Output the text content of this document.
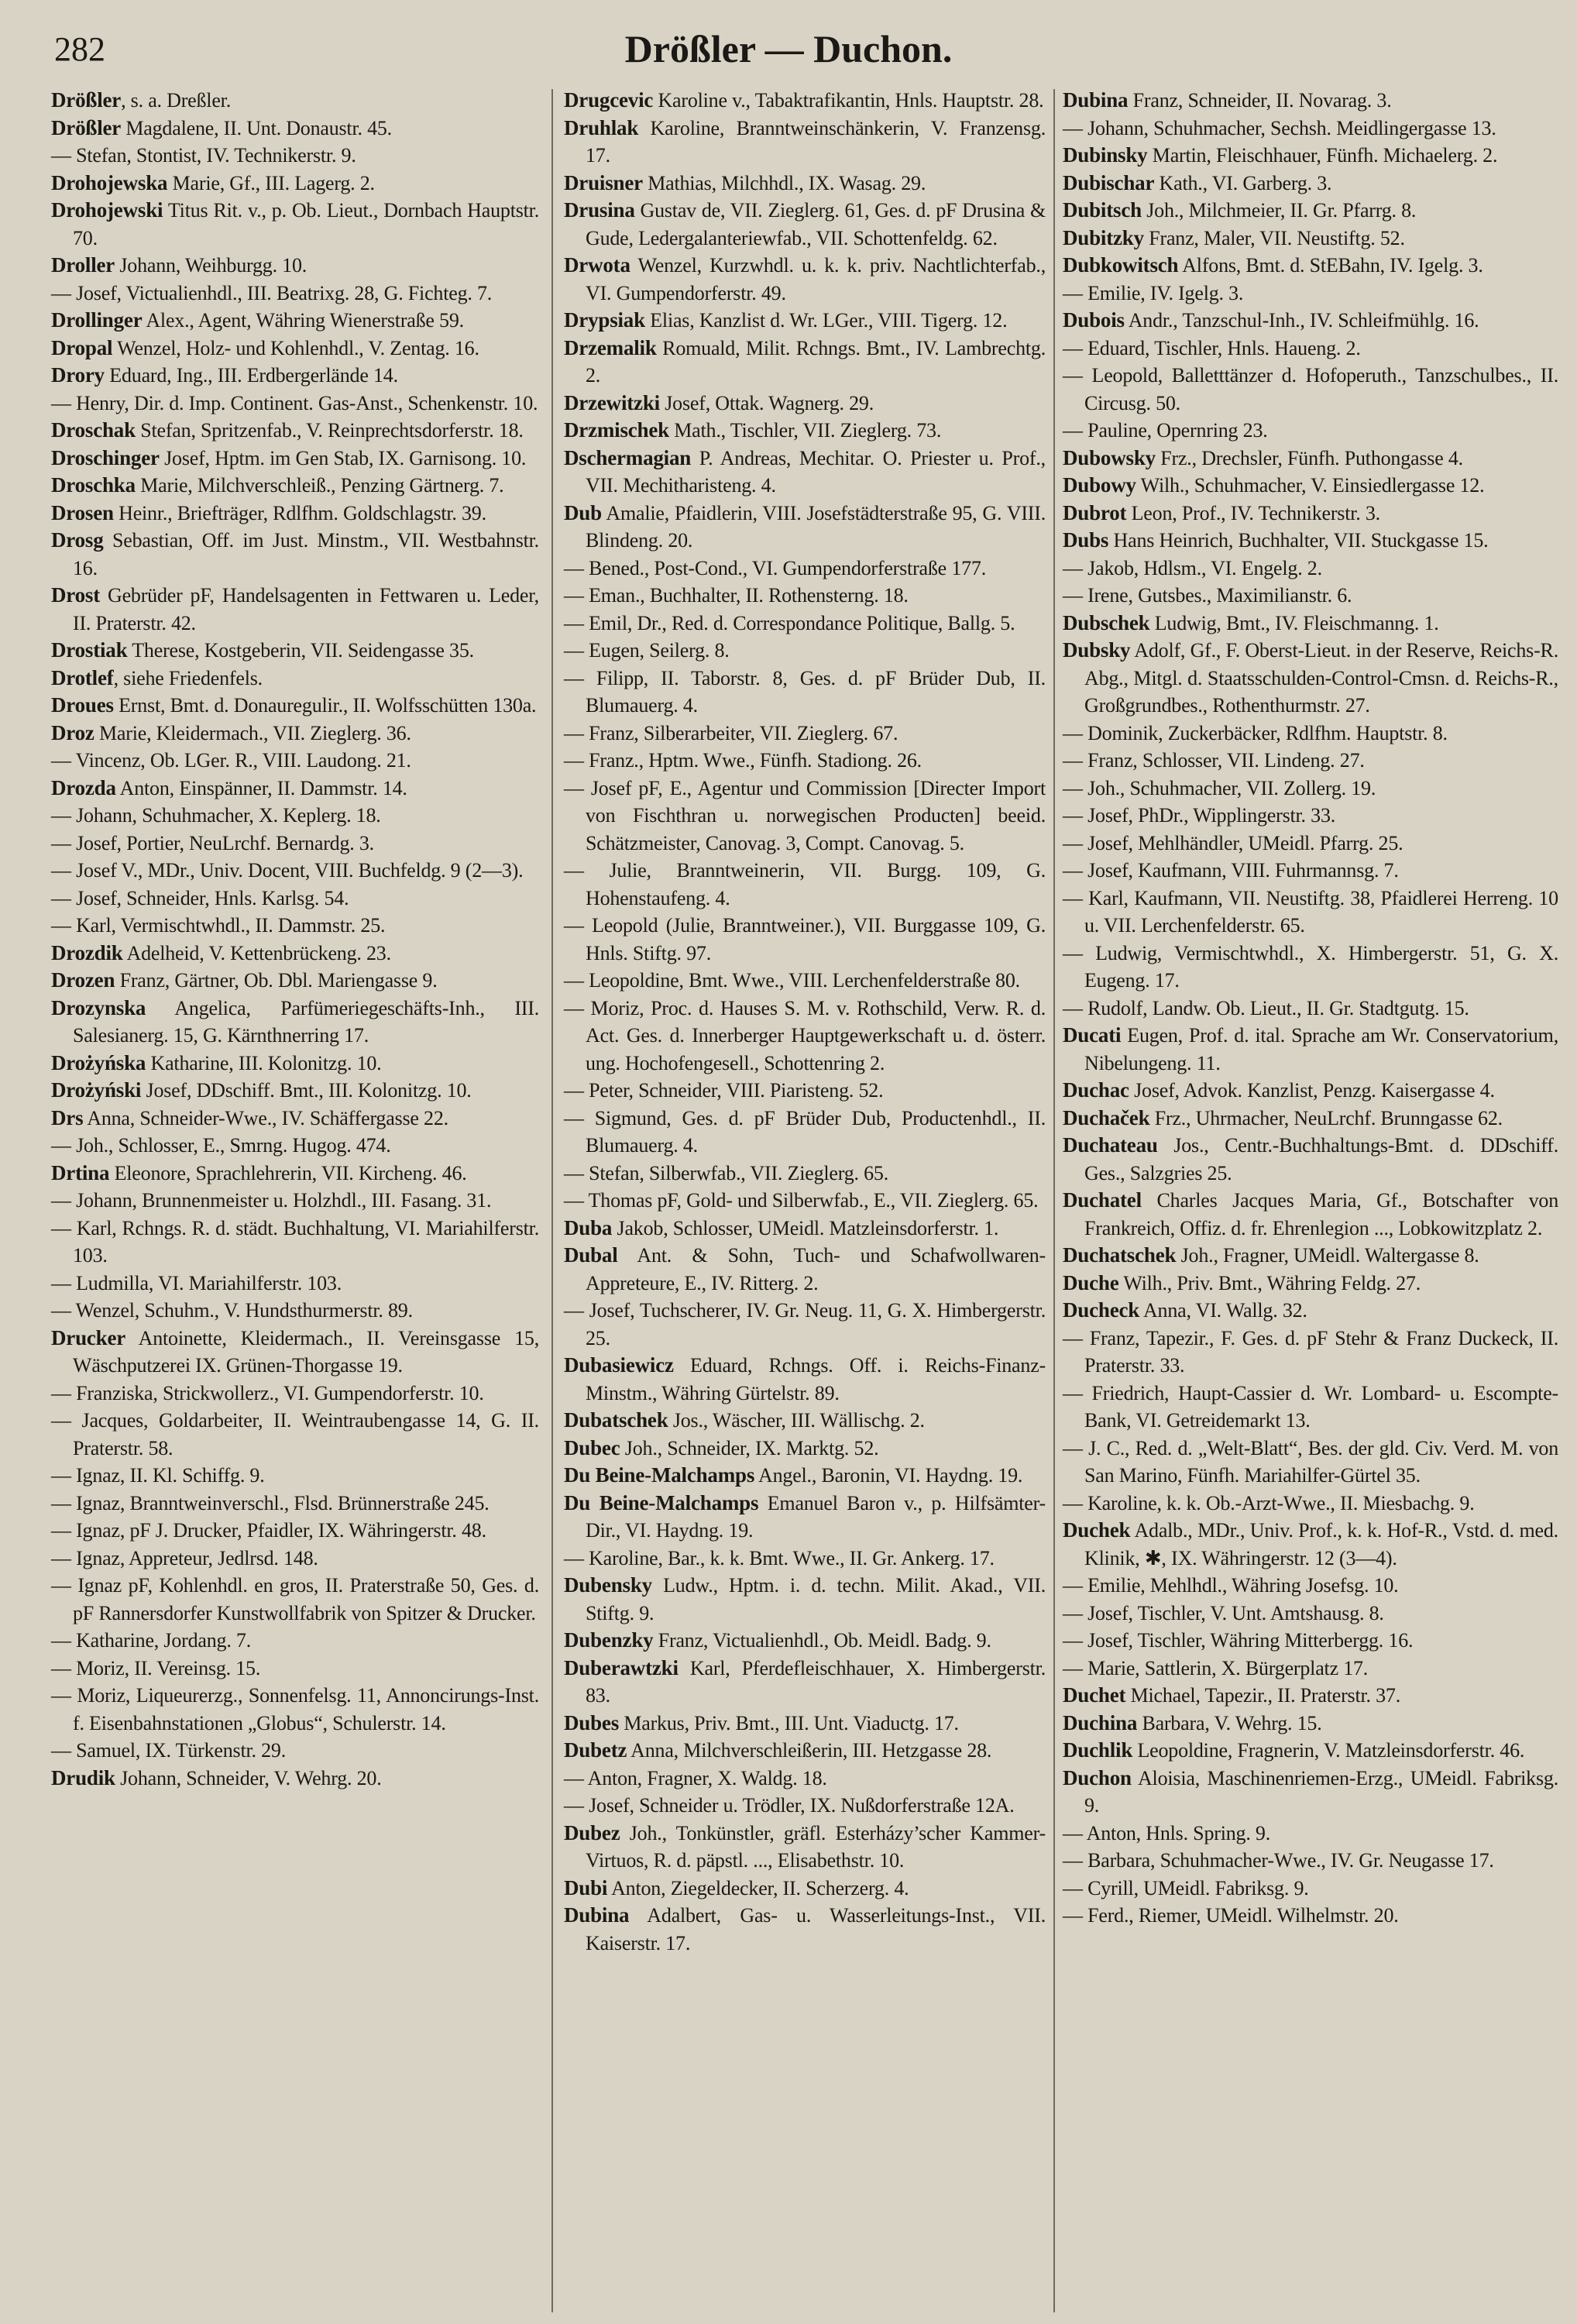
282	Drößler — Duchon.

Drößler, s. a. Dreßler.

Drößler Magdalene, II. Unt. Donaustr. 45.

— Stefan, Stontist, IV. Technikerstr. 9.

Drohojewska Marie, Gf., III. Lagerg. 2.

Drohojewski Titus Rit. v., p. Ob. Lieut., Dornbach Hauptstr. 70.

Droller Johann, Weihburgg. 10.

— Josef, Victualienhdl., III. Beatrixg. 28, G. Fichteg. 7.

Drollinger Alex., Agent, Währing Wienerstraße 59.

Dropal Wenzel, Holz- und Kohlenhdl., V. Zentag. 16.

Drory Eduard, Ing., III. Erdbergerlände 14.

— Henry, Dir. d. Imp. Continent. Gas-Anst., Schenkenstr. 10.

Droschak Stefan, Spritzenfab., V. Reinprechtsdorferstr. 18.

Droschinger Josef, Hptm. im Gen Stab, IX. Garnisong. 10.

Droschka Marie, Milchverschleiß., Penzing Gärtnerg. 7.

Drosen Heinr., Briefträger, Rdlfhm. Goldschlagstr. 39.

Drosg Sebastian, Off. im Just. Minstm., VII. Westbahnstr. 16.

Drost Gebrüder pF, Handelsagenten in Fettwaren u. Leder, II. Praterstr. 42.

Drostiak Therese, Kostgeberin, VII. Seidengasse 35.

Drotlef, siehe Friedenfels.

Droues Ernst, Bmt. d. Donauregulir., II. Wolfsschütten 130a.

Droz Marie, Kleidermach., VII. Zieglerg. 36.

— Vincenz, Ob. LGer. R., VIII. Laudong. 21.

Drozda Anton, Einspänner, II. Dammstr. 14.

— Johann, Schuhmacher, X. Keplerg. 18.

— Josef, Portier, NeuLrchf. Bernardg. 3.

— Josef V., MDr., Univ. Docent, VIII. Buchfeldg. 9 (2—3).

— Josef, Schneider, Hnls. Karlsg. 54.

— Karl, Vermischtwhdl., II. Dammstr. 25.

Drozdik Adelheid, V. Kettenbrückeng. 23.

Drozen Franz, Gärtner, Ob. Dbl. Mariengasse 9.

Drozynska Angelica, Parfümeriegeschäfts-Inh., III. Salesianerg. 15, G. Kärnthnerring 17.

Drożyńska Katharine, III. Kolonitzg. 10.

Drożyński Josef, DDschiff. Bmt., III. Kolonitzg. 10.

Drs Anna, Schneider-Wwe., IV. Schäffergasse 22.

— Joh., Schlosser, E., Smrng. Hugog. 474.

Drtina Eleonore, Sprachlehrerin, VII. Kircheng. 46.

— Johann, Brunnenmeister u. Holzhdl., III. Fasang. 31.

— Karl, Rchngs. R. d. städt. Buchhaltung, VI. Mariahilferstr. 103.

— Ludmilla, VI. Mariahilferstr. 103.

— Wenzel, Schuhm., V. Hundsthurmerstr. 89.

Drucker Antoinette, Kleidermach., II. Vereinsgasse 15, Wäschputzerei IX. Grünen-Thorgasse 19.

— Franziska, Strickwollerz., VI. Gumpendorferstr. 10.

— Jacques, Goldarbeiter, II. Weintraubengasse 14, G. II. Praterstr. 58.

— Ignaz, II. Kl. Schiffg. 9.

— Ignaz, Branntweinverschl., Flsd. Brünnerstraße 245.

— Ignaz, pF J. Drucker, Pfaidler, IX. Währingerstr. 48.

— Ignaz, Appreteur, Jedlrsd. 148.

— Ignaz pF, Kohlenhdl. en gros, II. Praterstraße 50, Ges. d. pF Rannersdorfer Kunstwollfabrik von Spitzer & Drucker.

— Katharine, Jordang. 7.

— Moriz, II. Vereinsg. 15.

— Moriz, Liqueurerzg., Sonnenfelsg. 11, Annoncirungs-Inst. f. Eisenbahnstationen „Globus“, Schulerstr. 14.

— Samuel, IX. Türkenstr. 29.

Drudik Johann, Schneider, V. Wehrg. 20.

Drugcevic Karoline v., Tabaktrafikantin, Hnls. Hauptstr. 28.

Druhlak Karoline, Branntweinschänkerin, V. Franzensg. 17.

Druisner Mathias, Milchhdl., IX. Wasag. 29.

Drusina Gustav de, VII. Zieglerg. 61, Ges. d. pF Drusina & Gude, Ledergalanteriewfab., VII. Schottenfeldg. 62.

Drwota Wenzel, Kurzwhdl. u. k. k. priv. Nachtlichterfab., VI. Gumpendorferstr. 49.

Drypsiak Elias, Kanzlist d. Wr. LGer., VIII. Tigerg. 12.

Drzemalik Romuald, Milit. Rchngs. Bmt., IV. Lambrechtg. 2.

Drzewitzki Josef, Ottak. Wagnerg. 29.

Drzmischek Math., Tischler, VII. Zieglerg. 73.

Dschermagian P. Andreas, Mechitar. O. Priester u. Prof., VII. Mechitharisteng. 4.

Dub Amalie, Pfaidlerin, VIII. Josefstädterstraße 95, G. VIII. Blindeng. 20.

— Bened., Post-Cond., VI. Gumpendorferstraße 177.

— Eman., Buchhalter, II. Rothensterng. 18.

— Emil, Dr., Red. d. Correspondance Politique, Ballg. 5.

— Eugen, Seilerg. 8.

— Filipp, II. Taborstr. 8, Ges. d. pF Brüder Dub, II. Blumauerg. 4.

— Franz, Silberarbeiter, VII. Zieglerg. 67.

— Franz., Hptm. Wwe., Fünfh. Stadiong. 26.

— Josef pF, E., Agentur und Commission [Directer Import von Fischthran u. norwegischen Producten] beeid. Schätzmeister, Canovag. 3, Compt. Canovag. 5.

— Julie, Branntweinerin, VII. Burgg. 109, G. Hohenstaufeng. 4.

— Leopold (Julie, Branntweiner.), VII. Burggasse 109, G. Hnls. Stiftg. 97.

— Leopoldine, Bmt. Wwe., VIII. Lerchenfelderstraße 80.

— Moriz, Proc. d. Hauses S. M. v. Rothschild, Verw. R. d. Act. Ges. d. Innerberger Hauptgewerkschaft u. d. österr. ung. Hochofengesell., Schottenring 2.

— Peter, Schneider, VIII. Piaristeng. 52.

— Sigmund, Ges. d. pF Brüder Dub, Productenhdl., II. Blumauerg. 4.

— Stefan, Silberwfab., VII. Zieglerg. 65.

— Thomas pF, Gold- und Silberwfab., E., VII. Zieglerg. 65.

Duba Jakob, Schlosser, UMeidl. Matzleinsdorferstr. 1.

Dubal Ant. & Sohn, Tuch- und Schafwollwaren-Appreteure, E., IV. Ritterg. 2.

— Josef, Tuchscherer, IV. Gr. Neug. 11, G. X. Himbergerstr. 25.

Dubasiewicz Eduard, Rchngs. Off. i. Reichs-Finanz-Minstm., Währing Gürtelstr. 89.

Dubatschek Jos., Wäscher, III. Wällischg. 2.

Dubec Joh., Schneider, IX. Marktg. 52.

Du Beine-Malchamps Angel., Baronin, VI. Haydng. 19.

Du Beine-Malchamps Emanuel Baron v., p. Hilfsämter-Dir., VI. Haydng. 19.

— Karoline, Bar., k. k. Bmt. Wwe., II. Gr. Ankerg. 17.

Dubensky Ludw., Hptm. i. d. techn. Milit. Akad., VII. Stiftg. 9.

Dubenzky Franz, Victualienhdl., Ob. Meidl. Badg. 9.

Duberawtzki Karl, Pferdefleischhauer, X. Himbergerstr. 83.

Dubes Markus, Priv. Bmt., III. Unt. Viaductg. 17.

Dubetz Anna, Milchverschleißerin, III. Hetzgasse 28.

— Anton, Fragner, X. Waldg. 18.

— Josef, Schneider u. Trödler, IX. Nußdorferstraße 12A.

Dubez Joh., Tonkünstler, gräfl. Esterházy’scher Kammer-Virtuos, R. d. päpstl. ..., Elisabethstr. 10.

Dubi Anton, Ziegeldecker, II. Scherzerg. 4.

Dubina Adalbert, Gas- u. Wasserleitungs-Inst., VII. Kaiserstr. 17.

Dubina Franz, Schneider, II. Novarag. 3.

— Johann, Schuhmacher, Sechsh. Meidlingergasse 13.

Dubinsky Martin, Fleischhauer, Fünfh. Michaelerg. 2.

Dubischar Kath., VI. Garberg. 3.

Dubitsch Joh., Milchmeier, II. Gr. Pfarrg. 8.

Dubitzky Franz, Maler, VII. Neustiftg. 52.

Dubkowitsch Alfons, Bmt. d. StEBahn, IV. Igelg. 3.

— Emilie, IV. Igelg. 3.

Dubois Andr., Tanzschul-Inh., IV. Schleifmühlg. 16.

— Eduard, Tischler, Hnls. Haueng. 2.

— Leopold, Balletttänzer d. Hofoperuth., Tanzschulbes., II. Circusg. 50.

— Pauline, Opernring 23.

Dubowsky Frz., Drechsler, Fünfh. Puthongasse 4.

Dubowy Wilh., Schuhmacher, V. Einsiedlergasse 12.

Dubrot Leon, Prof., IV. Technikerstr. 3.

Dubs Hans Heinrich, Buchhalter, VII. Stuckgasse 15.

— Jakob, Hdlsm., VI. Engelg. 2.

— Irene, Gutsbes., Maximilianstr. 6.

Dubschek Ludwig, Bmt., IV. Fleischmanng. 1.

Dubsky Adolf, Gf., F. Oberst-Lieut. in der Reserve, Reichs-R. Abg., Mitgl. d. Staatsschulden-Control-Cmsn. d. Reichs-R., Großgrundbes., Rothenthurmstr. 27.

— Dominik, Zuckerbäcker, Rdlfhm. Hauptstr. 8.

— Franz, Schlosser, VII. Lindeng. 27.

— Joh., Schuhmacher, VII. Zollerg. 19.

— Josef, PhDr., Wipplingerstr. 33.

— Josef, Mehlhändler, UMeidl. Pfarrg. 25.

— Josef, Kaufmann, VIII. Fuhrmannsg. 7.

— Karl, Kaufmann, VII. Neustiftg. 38, Pfaidlerei Herreng. 10 u. VII. Lerchenfelderstr. 65.

— Ludwig, Vermischtwhdl., X. Himbergerstr. 51, G. X. Eugeng. 17.

— Rudolf, Landw. Ob. Lieut., II. Gr. Stadtgutg. 15.

Ducati Eugen, Prof. d. ital. Sprache am Wr. Conservatorium, Nibelungeng. 11.

Duchac Josef, Advok. Kanzlist, Penzg. Kaisergasse 4.

Duchaček Frz., Uhrmacher, NeuLrchf. Brunngasse 62.

Duchateau Jos., Centr.-Buchhaltungs-Bmt. d. DDschiff. Ges., Salzgries 25.

Duchatel Charles Jacques Maria, Gf., Botschafter von Frankreich, Offiz. d. fr. Ehrenlegion ..., Lobkowitzplatz 2.

Duchatschek Joh., Fragner, UMeidl. Waltergasse 8.

Duche Wilh., Priv. Bmt., Währing Feldg. 27.

Ducheck Anna, VI. Wallg. 32.

— Franz, Tapezir., F. Ges. d. pF Stehr & Franz Duckeck, II. Praterstr. 33.

— Friedrich, Haupt-Cassier d. Wr. Lombard- u. Escompte-Bank, VI. Getreidemarkt 13.

— J. C., Red. d. „Welt-Blatt“, Bes. der gld. Civ. Verd. M. von San Marino, Fünfh. Mariahilfer-Gürtel 35.

— Karoline, k. k. Ob.-Arzt-Wwe., II. Miesbachg. 9.

Duchek Adalb., MDr., Univ. Prof., k. k. Hof-R., Vstd. d. med. Klinik, ✱, IX. Währingerstr. 12 (3—4).

— Emilie, Mehlhdl., Währing Josefsg. 10.

— Josef, Tischler, V. Unt. Amtshausg. 8.

— Josef, Tischler, Währing Mitterbergg. 16.

— Marie, Sattlerin, X. Bürgerplatz 17.

Duchet Michael, Tapezir., II. Praterstr. 37.

Duchina Barbara, V. Wehrg. 15.

Duchlik Leopoldine, Fragnerin, V. Matzleinsdorferstr. 46.

Duchon Aloisia, Maschinenriemen-Erzg., UMeidl. Fabriksg. 9.

— Anton, Hnls. Spring. 9.

— Barbara, Schuhmacher-Wwe., IV. Gr. Neugasse 17.

— Cyrill, UMeidl. Fabriksg. 9.

— Ferd., Riemer, UMeidl. Wilhelmstr. 20.
